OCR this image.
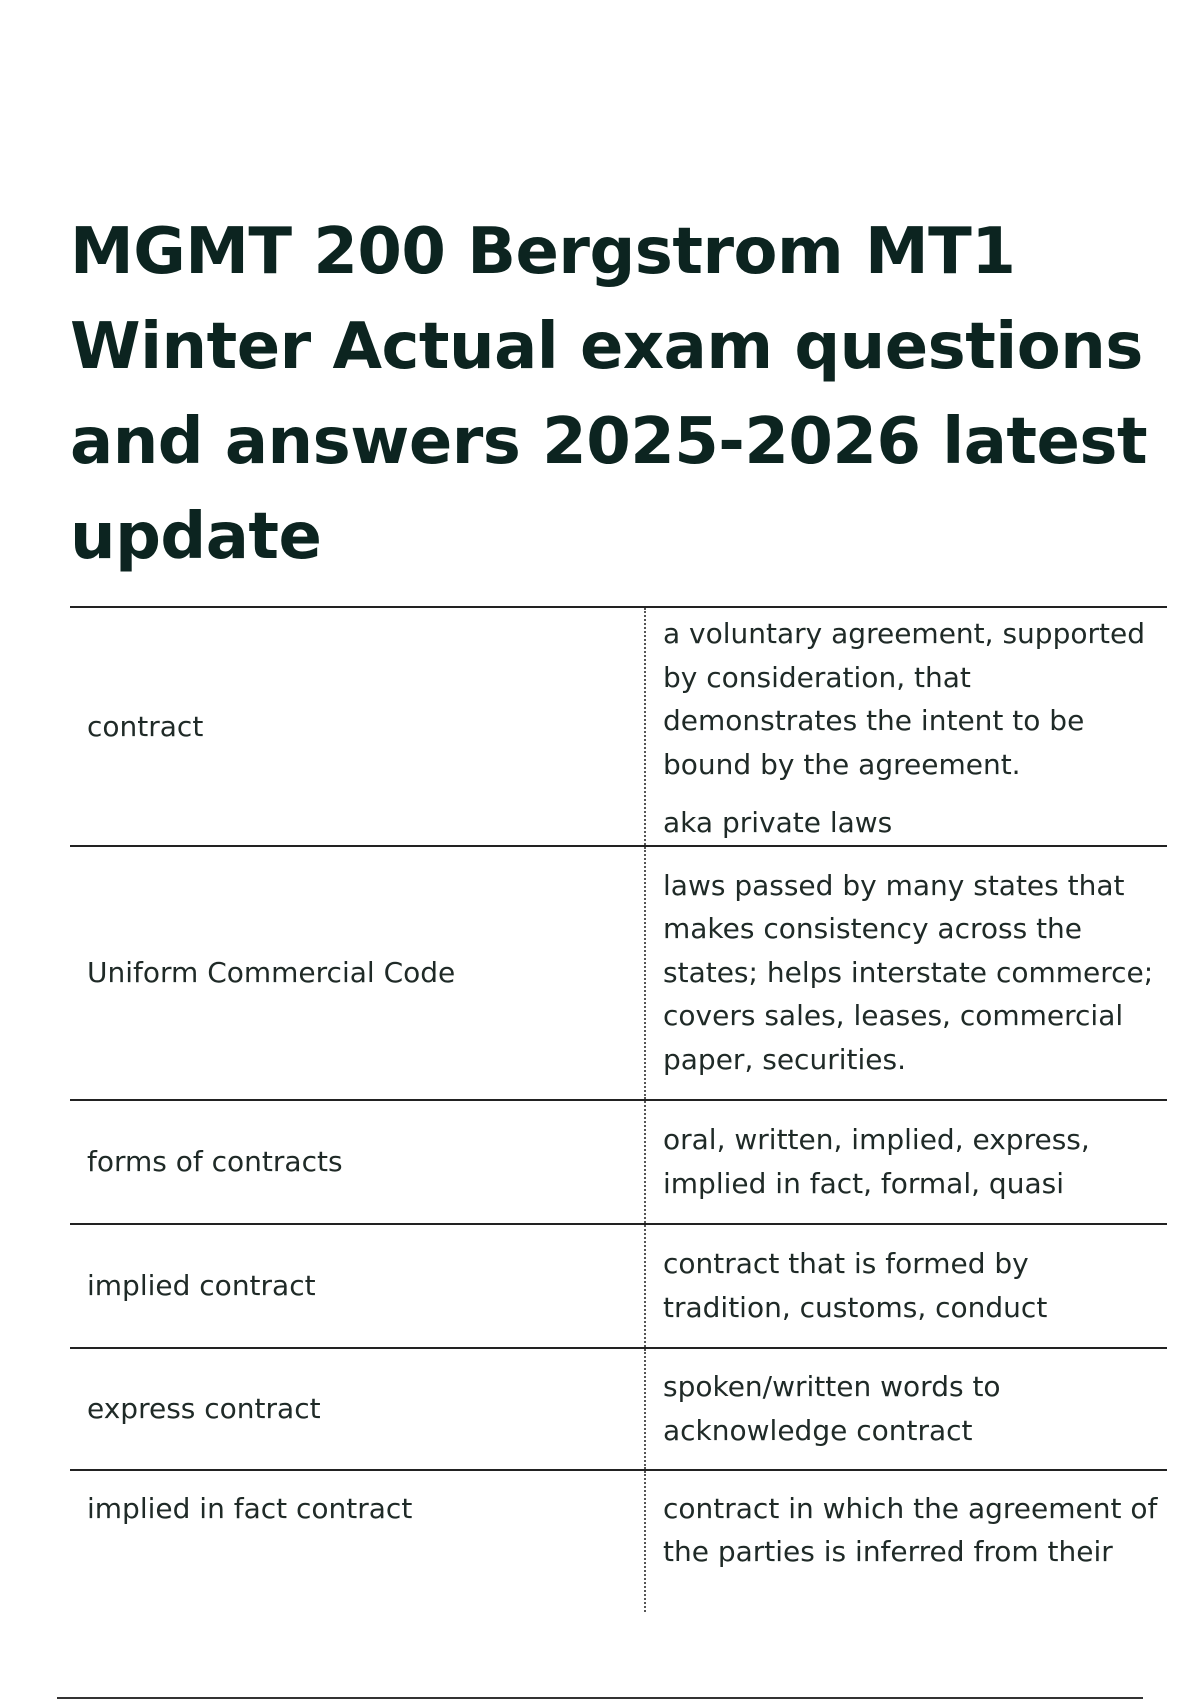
MGMT 200 Bergstrom MT1 Winter Actual exam questions and answers 2025-2026 latest update
contract	a voluntary agreement, supported by consideration, that demonstrates the intent to be bound by the agreement.

aka private laws

Uniform Commercial Code	laws passed by many states that makes consistency across the states; helps interstate commerce; covers sales, leases, commercial paper, securities.

forms of contracts	oral, written, implied, express, implied in fact, formal, quasi

implied contract	contract that is formed by tradition, customs, conduct

express contract	spoken/written words to acknowledge contract

implied in fact contract	contract in which the agreement of the parties is inferred from their
